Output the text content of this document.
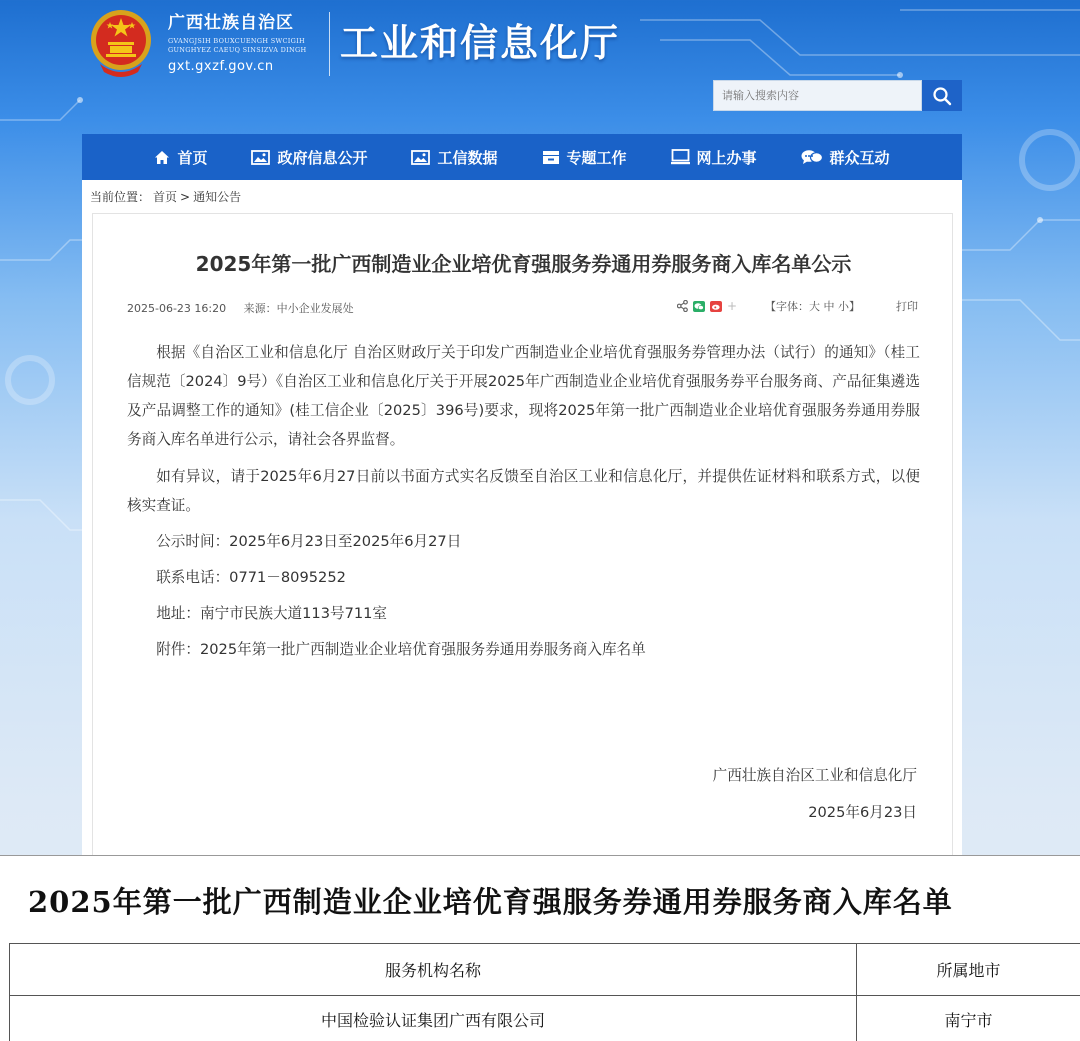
广西壮族自治区
GVANGJSIH BOUXCUENGH SWCIGIH GUNGHYEZ CAEUQ SINSIZVA DINGH
gxt.gxzf.gov.cn
工业和信息化厅
请输入搜索内容
首页	政府信息公开	工信数据	专题工作	网上办事	群众互动
当前位置： 首页 > 通知公告
2025年第一批广西制造业企业培优育强服务券通用券服务商入库名单公示
2025-06-23 16:20 来源：中小企业发展处	+	【字体：大 中 小】	打印

根据《自治区工业和信息化厅 自治区财政厅关于印发广西制造业企业培优育强服务券管理办法（试行）的通知》（桂工信规范〔2024〕9号）《自治区工业和信息化厅关于开展2025年广西制造业企业培优育强服务券平台服务商、产品征集遴选及产品调整工作的通知》(桂工信企业〔2025〕396号)要求，现将2025年第一批广西制造业企业培优育强服务券通用券服务商入库名单进行公示，请社会各界监督。

如有异议，请于2025年6月27日前以书面方式实名反馈至自治区工业和信息化厅，并提供佐证材料和联系方式，以便核实查证。

公示时间：2025年6月23日至2025年6月27日

联系电话：0771－8095252

地址：南宁市民族大道113号711室

附件：2025年第一批广西制造业企业培优育强服务券通用券服务商入库名单

广西壮族自治区工业和信息化厅
2025年6月23日
2025年第一批广西制造业企业培优育强服务券通用券服务商入库名单
服务机构名称	所属地市
中国检验认证集团广西有限公司	南宁市
